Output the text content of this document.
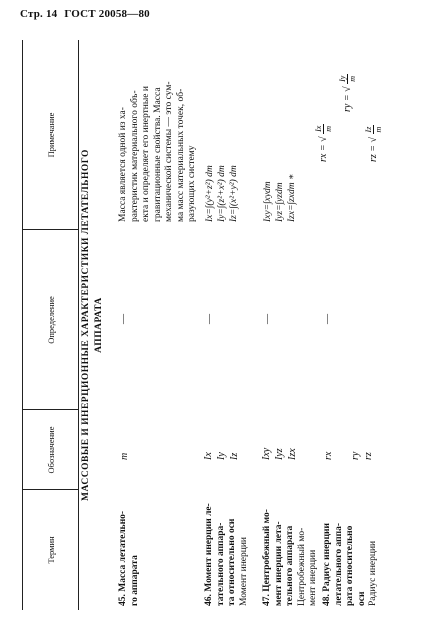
Стр. 14 ГОСТ 20058—80
Термин
Обозначение
Определение
Примечание
МАССОВЫЕ И ИНЕРЦИОННЫЕ ХАРАКТЕРИСТИКИ ЛЕТАТЕЛЬНОГО АППАРАТА
45. Масса летательно- го аппарата
m
—
Масса является одной из ха- рактеристик материального объ- екта и определяет его инертные и гравитационные свойства. Масса механической системы — это сум- ма масс материальных точек, об- разующих систему
46. Момент инерции ле- тательного аппара- та относительно оси Момент инерции
Ix Iy Iz
—
Ix=∫(y²+z²) dm Iy=∫(z²+x²) dm Iz=∫(x²+y²) dm
47. Центробежный мо- мент инерции лета- тельного аппарата Центробежный мо- мент инерции
Ixy Iyz Izx
—
Ixy=∫xydm Iyz=∫yzdm Izx=∫zxdm ∗
48. Радиус инерции летательного аппа- рата относительно оси Радиус инерции
rx ry rz
—
rx = √
Ix m
ry = √
Iy m
rz = √
Iz m
